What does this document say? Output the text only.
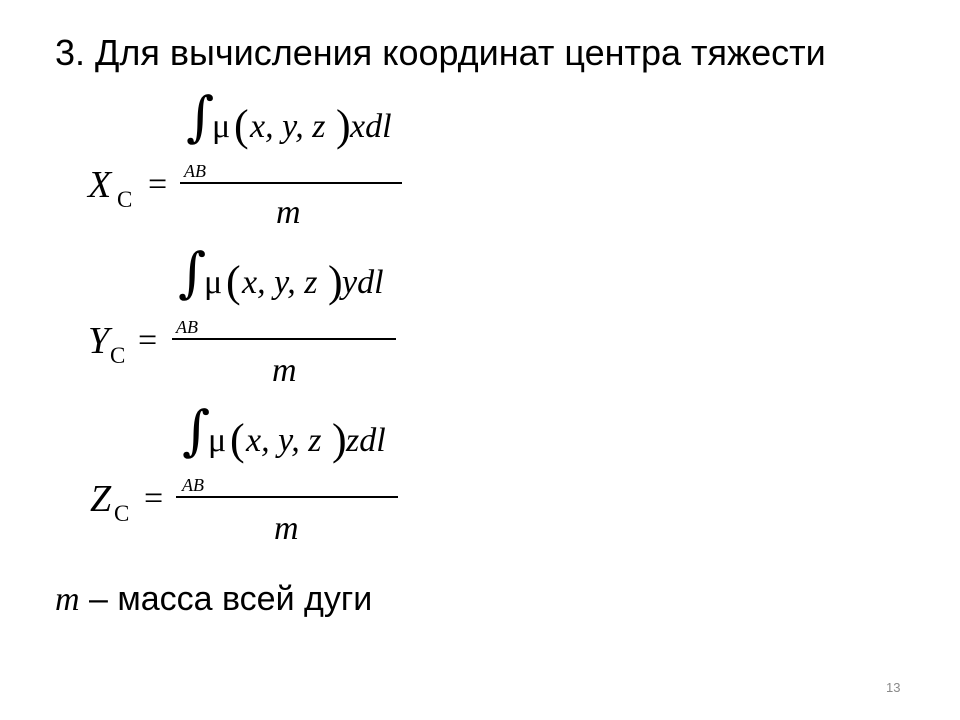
3. Для вычисления координат центра тяжести
X C =
∫
AB
μ ( x, y, z ) xdl
m
Y C =
∫
AB
μ ( x, y, z ) ydl
m
Z C =
∫
AB
μ ( x, y, z ) zdl
m
m – масса всей дуги
13
